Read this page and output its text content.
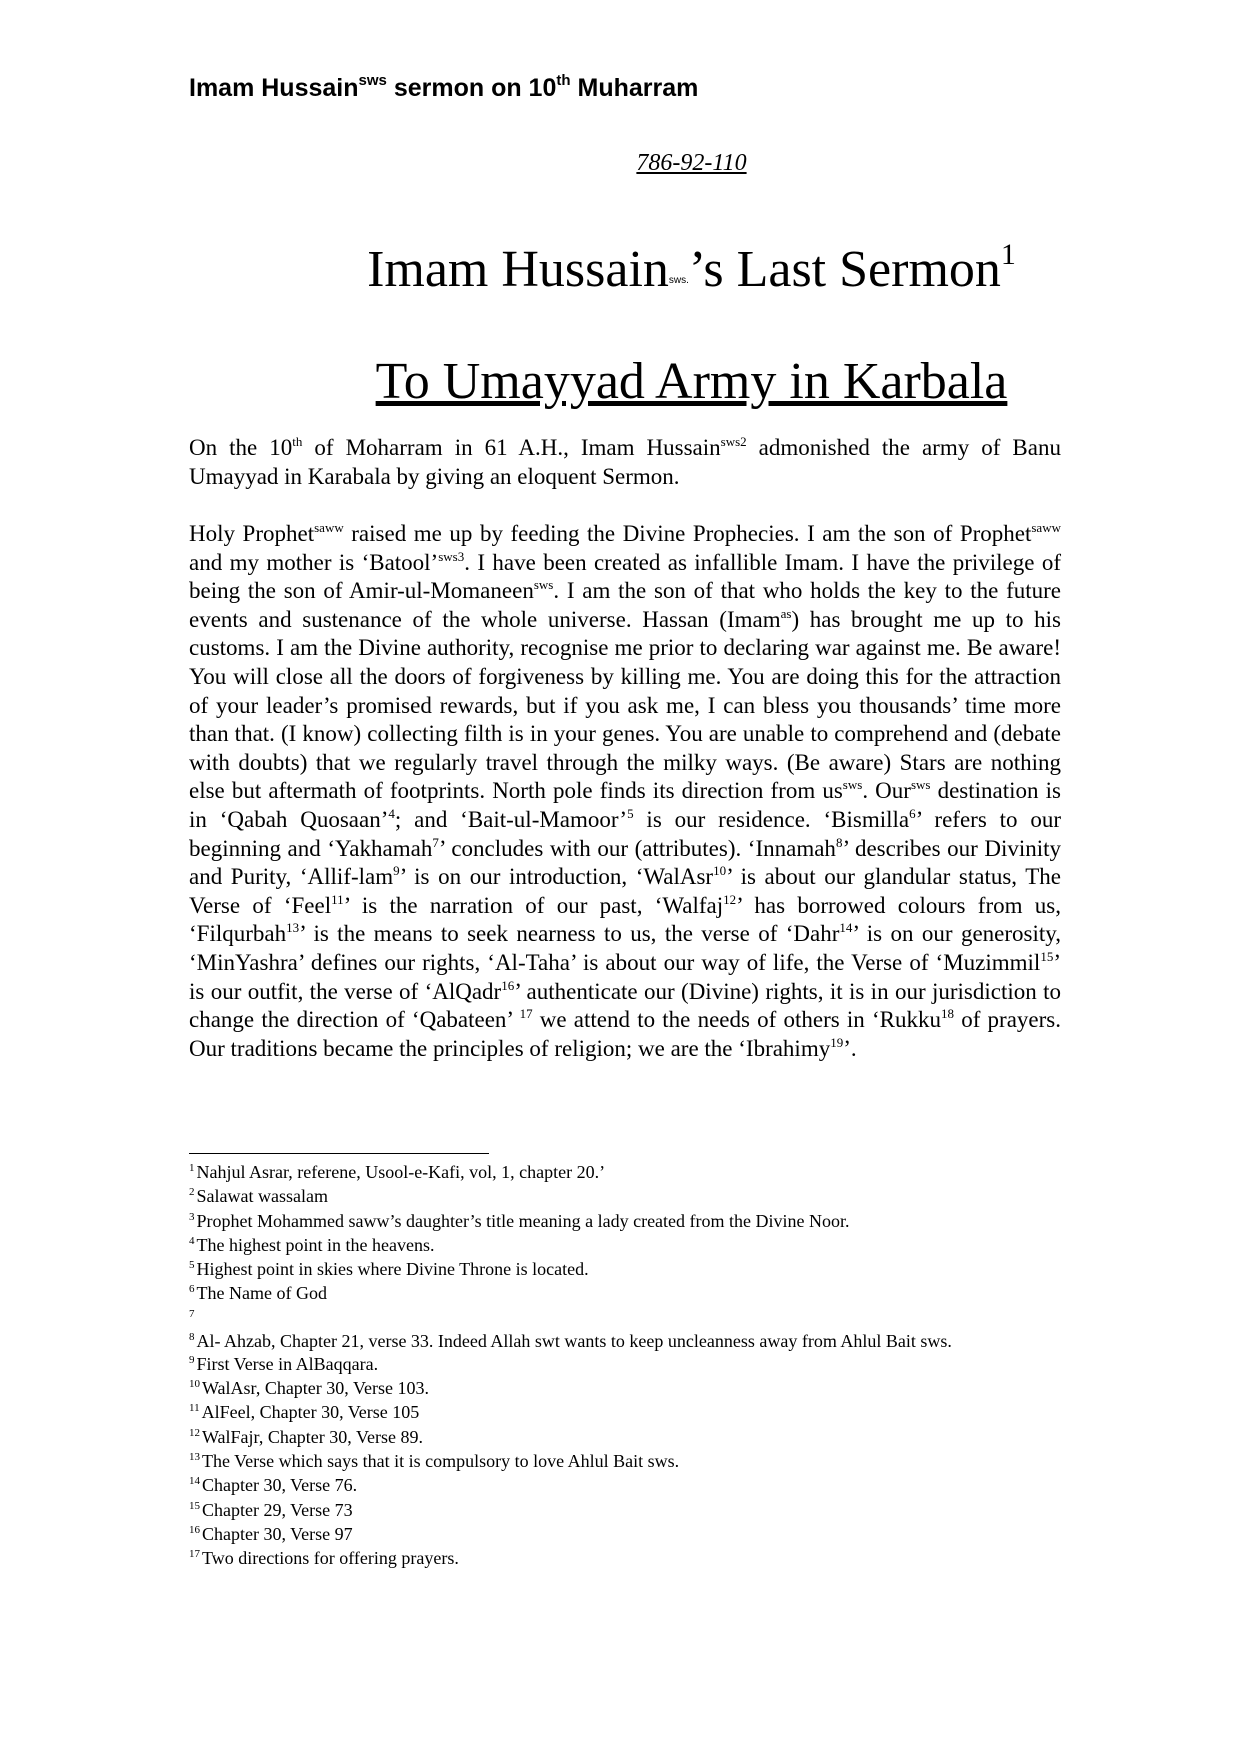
Imam Hussain$^{sws}$ sermon on 10th Muharram
786-92-110
Imam Hussainsws.’s Last Sermon$^1$
To Umayyad Army in Karbala

On the 10th of Moharram in 61 A.H., Imam Hussain$^{sws2}$ admonished the army of Banu Umayyad in Karabala by giving an eloquent Sermon.

Holy Prophet$^{saww}$ raised me up by feeding the Divine Prophecies. I am the son of Prophet$^{saww}$ and my mother is ‘Batool’$^{sws3}$. I have been created as infallible Imam. I have the privilege of being the son of Amir-ul-Momaneen$^{sws}$. I am the son of that who holds the key to the future events and sustenance of the whole universe. Hassan (Imam$^{as}$) has brought me up to his customs. I am the Divine authority, recognise me prior to declaring war against me. Be aware! You will close all the doors of forgiveness by killing me. You are doing this for the attraction of your leader’s promised rewards, but if you ask me, I can bless you thousands’ time more than that. (I know) collecting filth is in your genes. You are unable to comprehend and (debate with doubts) that we regularly travel through the milky ways. (Be aware) Stars are nothing else but aftermath of footprints. North pole finds its direction from $us^{sws}$. Our$^{sws}$ destination is in ‘Qabah Quosaan’$^4$; and ‘Bait-ul-Mamoor’$^5$ is our residence. ‘Bismilla$^6$’ refers to our beginning and ‘Yakhamah$^7$’ concludes with our (attributes). ‘Innamah$^8$’ describes our Divinity and Purity, ‘Allif-lam$^9$’ is on our introduction, ‘WalAsr$^{10}$’ is about our glandular status, The Verse of ‘Feel$^{11}$’ is the narration of our past, ‘Walfaj$^{12}$’ has borrowed colours from us, ‘Filqurbah$^{13}$’ is the means to seek nearness to us, the verse of ‘Dahr$^{14}$’ is on our generosity, ‘MinYashra’ defines our rights, ‘Al-Taha’ is about our way of life, the Verse of ‘Muzimmil$^{15}$’ is our outfit, the verse of ‘AlQadr$^{16}$’ authenticate our (Divine) rights, it is in our jurisdiction to change the direction of ‘Qabateen’ $^{17}$ we attend to the needs of others in ‘Rukku$^{18}$ of prayers. Our traditions became the principles of religion; we are the ‘Ibrahimy$^{19}$’.

$^1$ Nahjul Asrar, referene, Usool-e-Kafi, vol, 1, chapter 20.’

$^2$ Salawat wassalam

$^3$ Prophet Mohammed saww’s daughter’s title meaning a lady created from the Divine Noor.

$^4$ The highest point in the heavens.

$^5$ Highest point in skies where Divine Throne is located.

$^6$ The Name of God

$^7$

$^8$ Al- Ahzab, Chapter 21, verse 33. Indeed Allah swt wants to keep uncleanness away from Ahlul Bait sws.

$^9$ First Verse in AlBaqqara.

$^{10}$ WalAsr, Chapter 30, Verse 103.

$^{11}$ AlFeel, Chapter 30, Verse 105

$^{12}$ WalFajr, Chapter 30, Verse 89.

$^{13}$ The Verse which says that it is compulsory to love Ahlul Bait sws.

$^{14}$ Chapter 30, Verse 76.

$^{15}$ Chapter 29, Verse 73

$^{16}$ Chapter 30, Verse 97

$^{17}$ Two directions for offering prayers.
